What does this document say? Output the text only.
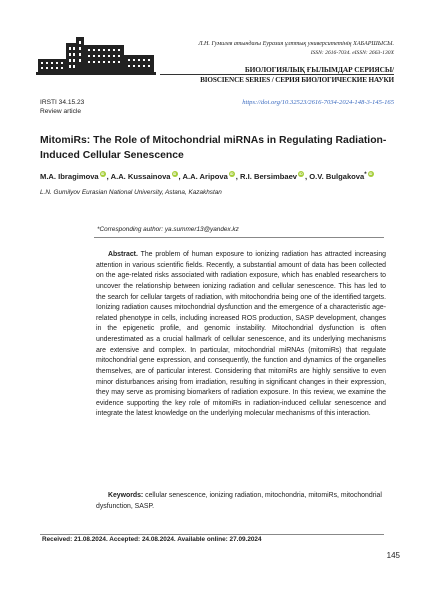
Л.Н. Гумилев атындағы Еуразия ұлттық университетінің ХАБАРШЫСЫ.
ISSN: 2616-7034. eISSN: 2663-130X
БИОЛОГИЯЛЫҚ ҒЫЛЫМДАР СЕРИЯСЫ/
BIOSCIENCE SERIES / СЕРИЯ БИОЛОГИЧЕСКИЕ НАУКИ
IRSTI 34.15.23
Review article
https://doi.org/10.32523/2616-7034-2024-148-3-145-165
MitomiRs: The Role of Mitochondrial miRNAs in Regulating Radiation-Induced Cellular Senescence
M.A. Ibragimova iD , A.A. Kussainova iD , A.A. Aripova iD , R.I. Bersimbaev iD , O.V. Bulgakova*iD
L.N. Gumilyov Eurasian National University, Astana, Kazakhstan
*Corresponding author: ya.summer13@yandex.kz

Abstract. The problem of human exposure to ionizing radiation has attracted increasing attention in various scientific fields. Recently, a substantial amount of data has been collected on the age-related risks associated with radiation exposure, which has enabled researchers to uncover the relationship between ionizing radiation and cellular senescence. This has led to the search for cellular targets of radiation, with mitochondria being one of the identified targets. Ionizing radiation causes mitochondrial dysfunction and the emergence of a characteristic age-related phenotype in cells, including increased ROS production, SASP development, changes in the epigenetic profile, and genomic instability. Mitochondrial dysfunction is often underestimated as a crucial hallmark of cellular senescence, and its underlying mechanisms are extensive and complex. In particular, mitochondrial miRNAs (mitomiRs) that regulate mitochondrial gene expression, and consequently, the function and dynamics of the organelles themselves, are of particular interest. Considering that mitomiRs are highly sensitive to even minor disturbances arising from irradiation, resulting in significant changes in their expression, they may serve as promising biomarkers of radiation exposure. In this review, we examine the evidence supporting the key role of mitomiRs in radiation-induced cellular senescence and integrate the latest knowledge on the underlying molecular mechanisms of this interaction.

Keywords: cellular senescence, ionizing radiation, mitochondria, mitomiRs, mitochondrial dysfunction, SASP.

Received: 21.08.2024. Accepted: 24.08.2024. Available online: 27.09.2024
145
